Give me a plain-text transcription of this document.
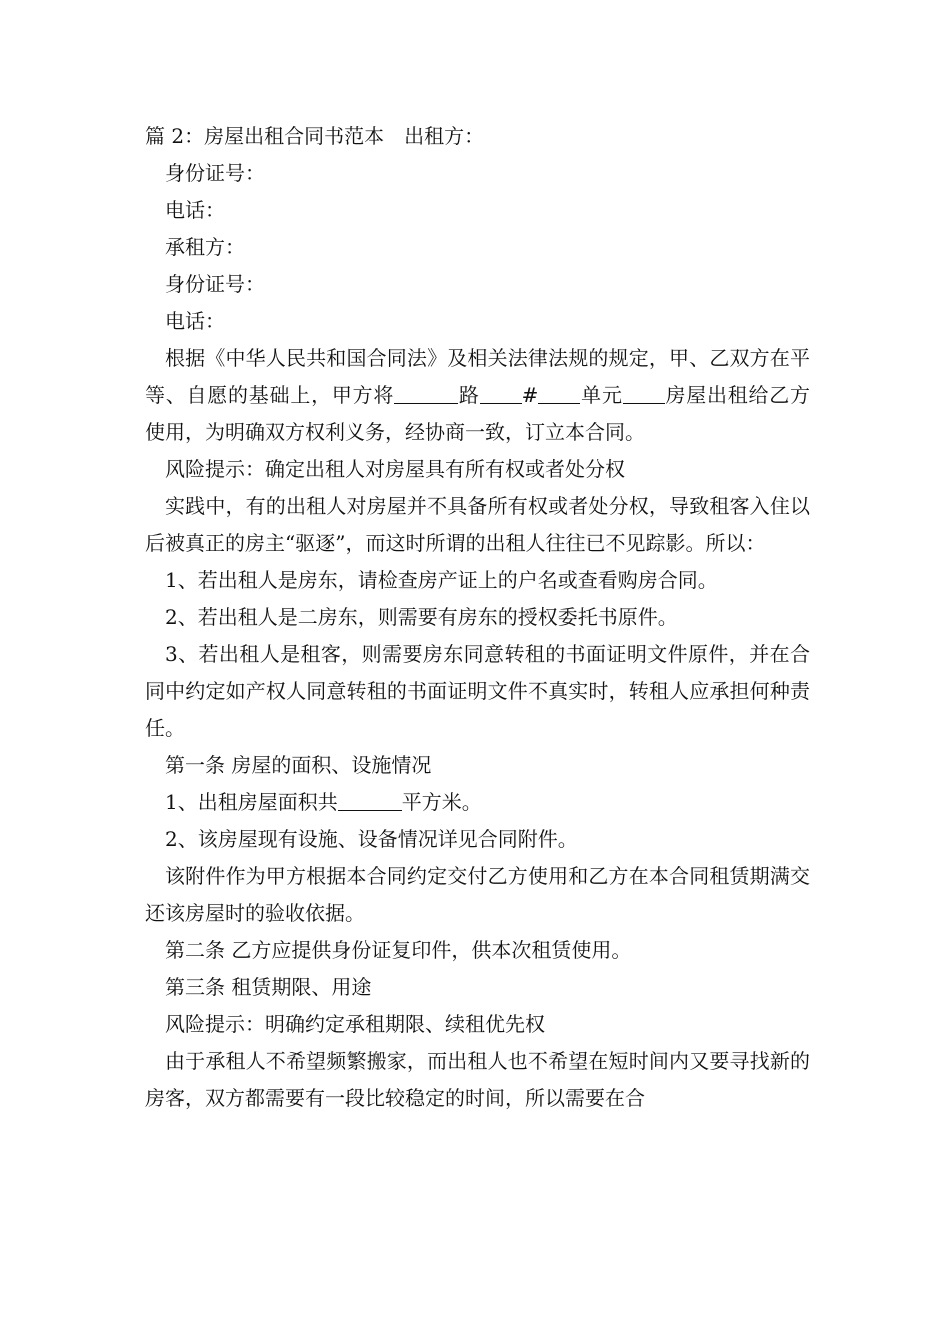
篇 2：房屋出租合同书范本 出租方：

身份证号：

电话：

承租方：

身份证号：

电话：

根据《中华人民共和国合同法》及相关法律法规的规定，甲、乙双方在平等、自愿的基础上，甲方将	路 # 单元 房屋出租给乙方使用，为明确双方权利义务，经协商一致，订立本合同。

风险提示：确定出租人对房屋具有所有权或者处分权

实践中，有的出租人对房屋并不具备所有权或者处分权，导致租客入住以后被真正的房主“驱逐”，而这时所谓的出租人往往已不见踪影。所以：

1、若出租人是房东，请检查房产证上的户名或查看购房合同。

2、若出租人是二房东，则需要有房东的授权委托书原件。

3、若出租人是租客，则需要房东同意转租的书面证明文件原件，并在合同中约定如产权人同意转租的书面证明文件不真实时，转租人应承担何种责任。

第一条 房屋的面积、设施情况

1、出租房屋面积共	平方米。

2、该房屋现有设施、设备情况详见合同附件。

该附件作为甲方根据本合同约定交付乙方使用和乙方在本合同租赁期满交还该房屋时的验收依据。

第二条 乙方应提供身份证复印件，供本次租赁使用。

第三条 租赁期限、用途

风险提示：明确约定承租期限、续租优先权

由于承租人不希望频繁搬家，而出租人也不希望在短时间内又要寻找新的房客，双方都需要有一段比较稳定的时间，所以需要在合
